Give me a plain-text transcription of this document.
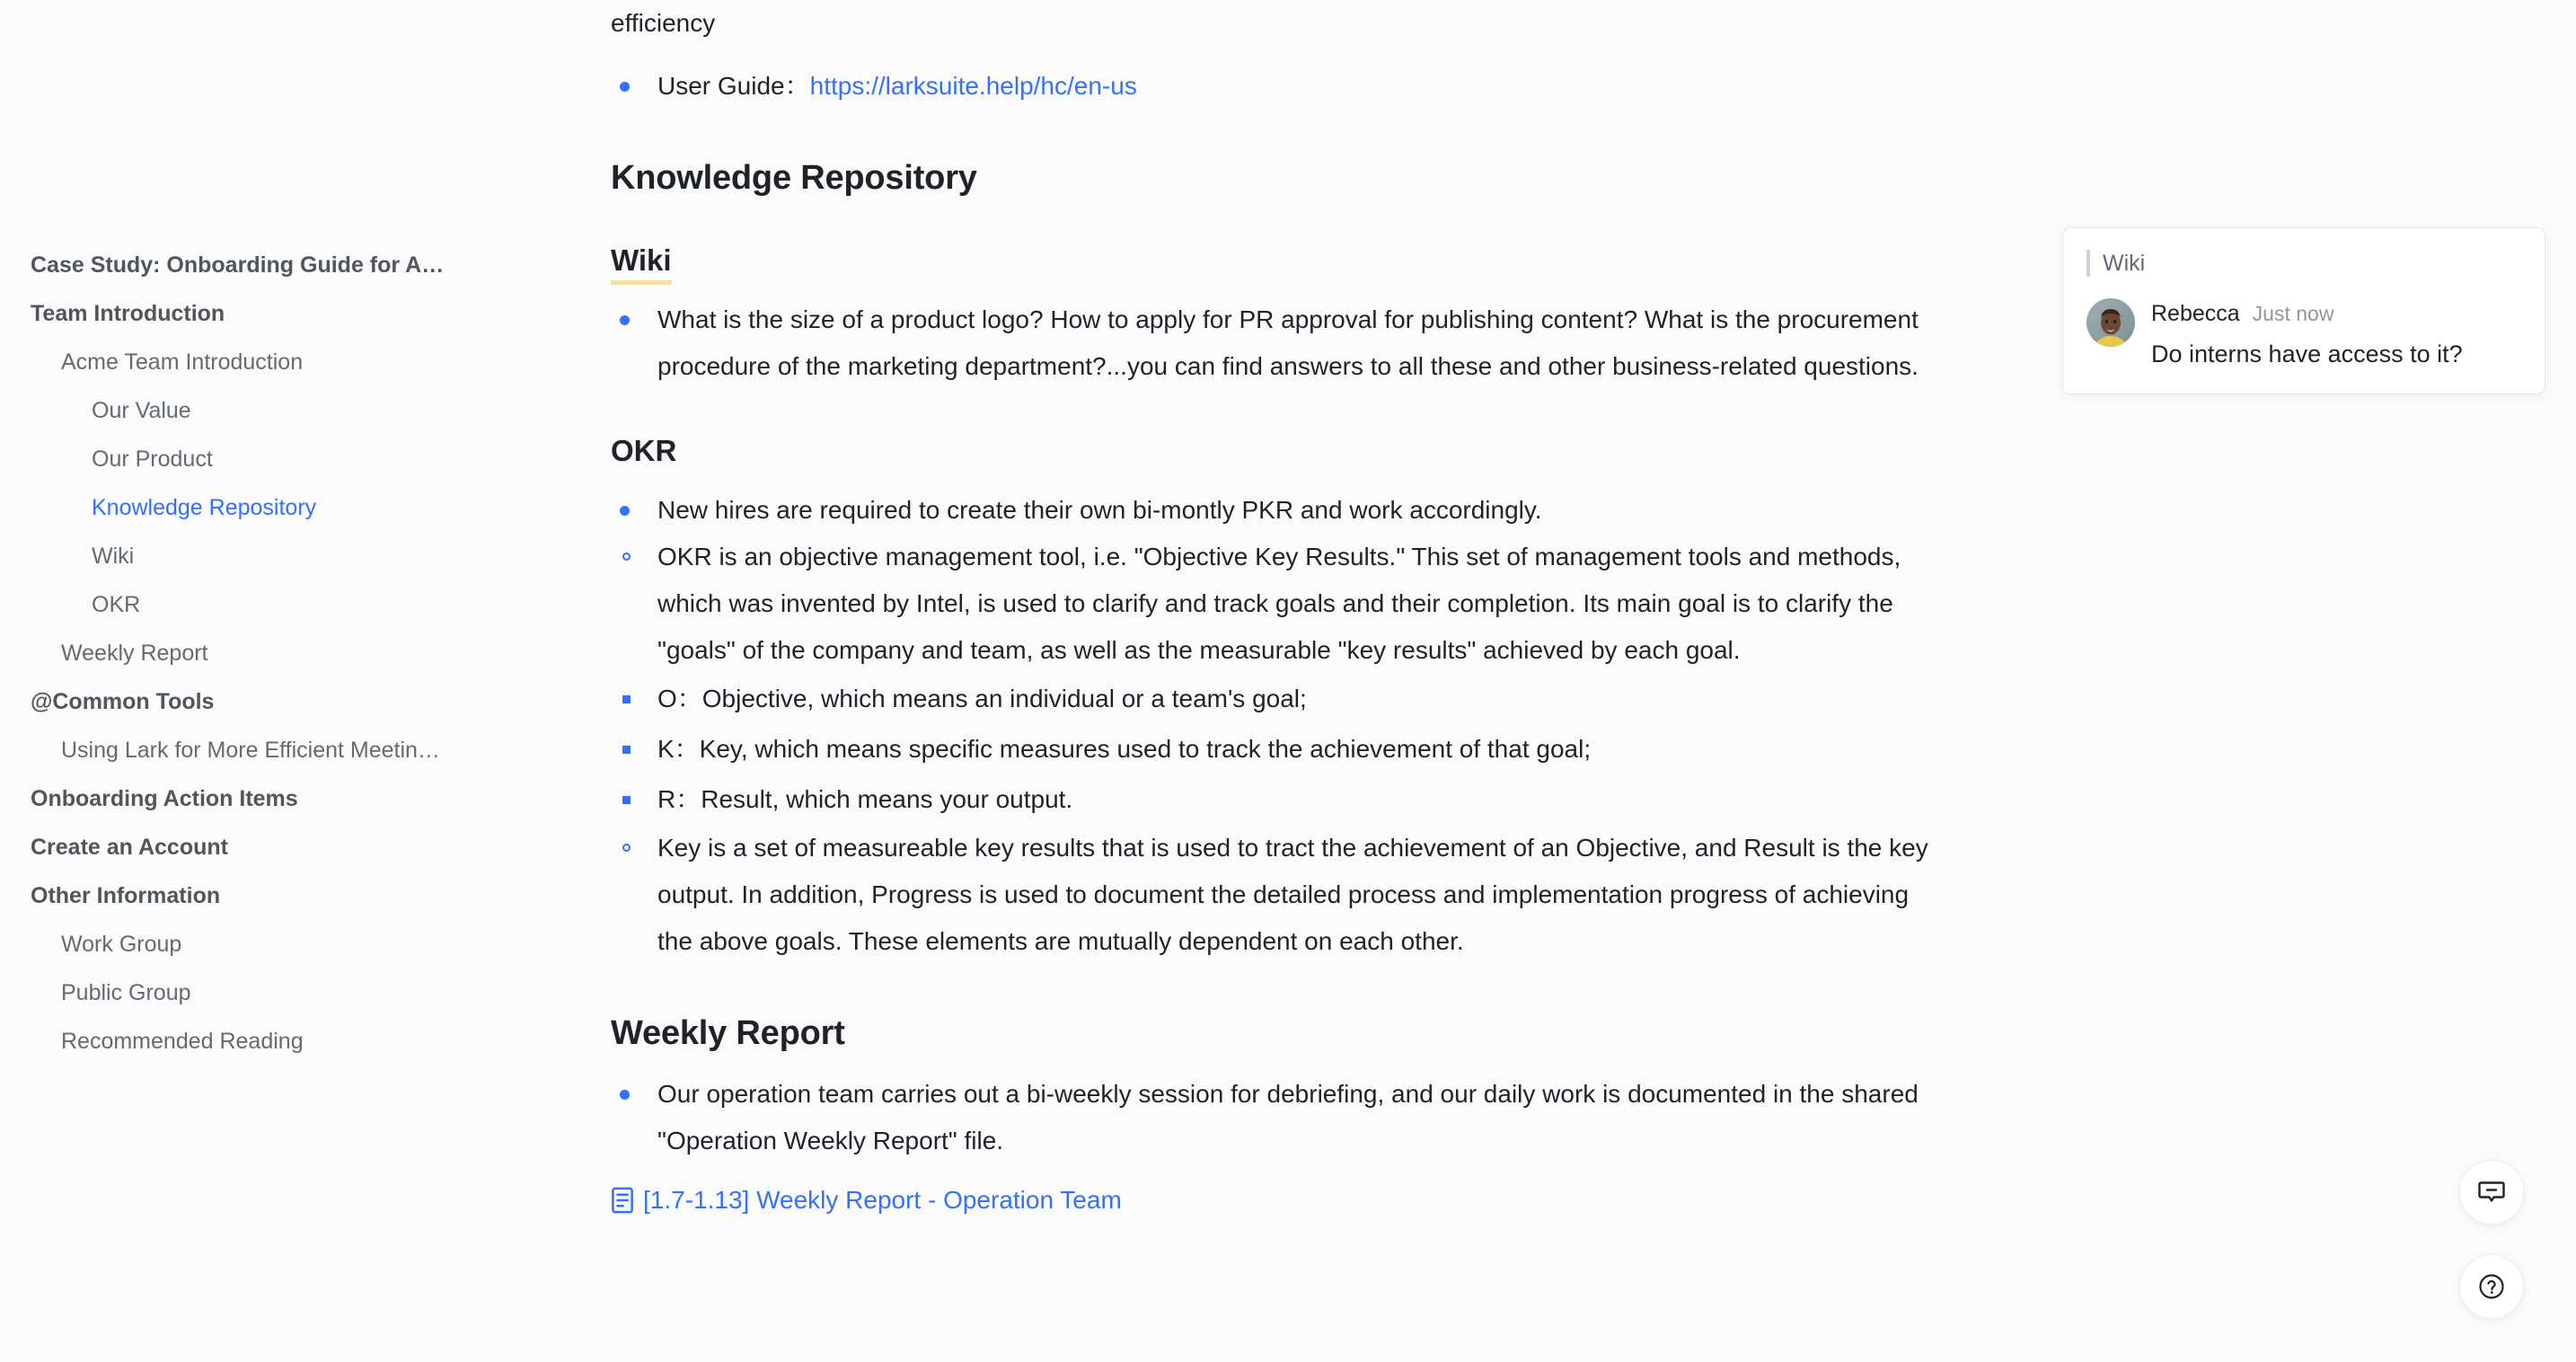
Case Study: Onboarding Guide for A…
Team Introduction
Acme Team Introduction
Our Value
Our Product
Knowledge Repository
Wiki
OKR
Weekly Report
@Common Tools
Using Lark for More Efficient Meetin…
Onboarding Action Items
Create an Account
Other Information
Work Group
Public Group
Recommended Reading

efficiency

User Guide：https://larksuite.help/hc/en-us
Knowledge Repository
Wiki
What is the size of a product logo? How to apply for PR approval for publishing content? What is the procurement procedure of the marketing department?...you can find answers to all these and other business-related questions.
OKR
New hires are required to create their own bi-montly PKR and work accordingly.
OKR is an objective management tool, i.e. "Objective Key Results." This set of management tools and methods, which was invented by Intel, is used to clarify and track goals and their completion. Its main goal is to clarify the "goals" of the company and team, as well as the measurable "key results" achieved by each goal.
O：Objective, which means an individual or a team's goal;
K：Key, which means specific measures used to track the achievement of that goal;
R：Result, which means your output.
Key is a set of measureable key results that is used to tract the achievement of an Objective, and Result is the key output. In addition, Progress is used to document the detailed process and implementation progress of achieving the above goals. These elements are mutually dependent on each other.
Weekly Report
Our operation team carries out a bi-weekly session for debriefing, and our daily work is documented in the shared "Operation Weekly Report" file.
[1.7-1.13] Weekly Report - Operation Team
Wiki
Rebecca Just now
Do interns have access to it?
